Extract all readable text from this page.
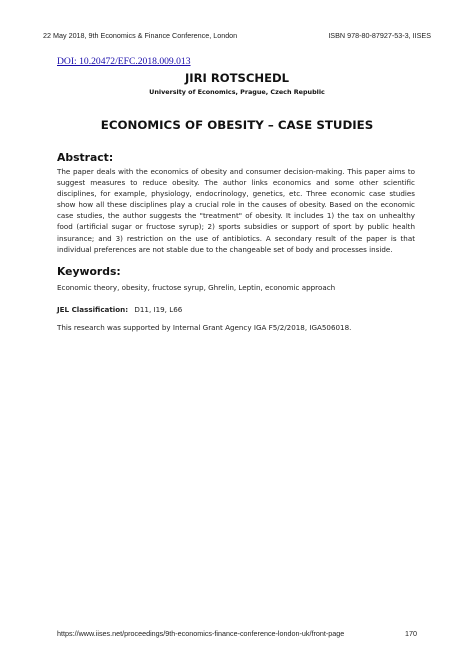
22 May 2018, 9th Economics & Finance Conference, London	ISBN 978-80-87927-53-3, IISES
DOI: 10.20472/EFC.2018.009.013
JIRI ROTSCHEDL
University of Economics, Prague, Czech Republic
ECONOMICS OF OBESITY – CASE STUDIES
Abstract:
The paper deals with the economics of obesity and consumer decision-making. This paper aims to suggest measures to reduce obesity. The author links economics and some other scientific disciplines, for example, physiology, endocrinology, genetics, etc. Three economic case studies show how all these disciplines play a crucial role in the causes of obesity. Based on the economic case studies, the author suggests the "treatment" of obesity. It includes 1) the tax on unhealthy food (artificial sugar or fructose syrup); 2) sports subsidies or support of sport by public health insurance; and 3) restriction on the use of antibiotics. A secondary result of the paper is that individual preferences are not stable due to the changeable set of body and processes inside.
Keywords:
Economic theory, obesity, fructose syrup, Ghrelin, Leptin, economic approach
JEL Classification: D11, I19, L66
This research was supported by Internal Grant Agency IGA F5/2/2018, IGA506018.
https://www.iises.net/proceedings/9th-economics-finance-conference-london-uk/front-page	170
